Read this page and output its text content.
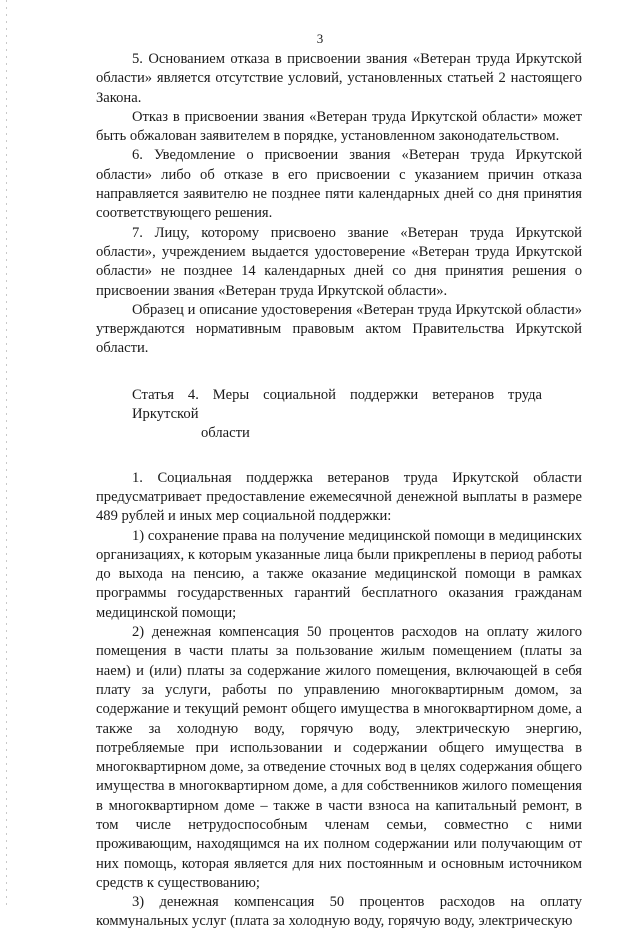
3

5. Основанием отказа в присвоении звания «Ветеран труда Иркутской области» является отсутствие условий, установленных статьей 2 настоящего Закона.

Отказ в присвоении звания «Ветеран труда Иркутской области» может быть обжалован заявителем в порядке, установленном законодательством.

6. Уведомление о присвоении звания «Ветеран труда Иркутской области» либо об отказе в его присвоении с указанием причин отказа направляется заявителю не позднее пяти календарных дней со дня принятия соответствующего решения.

7. Лицу, которому присвоено звание «Ветеран труда Иркутской области», учреждением выдается удостоверение «Ветеран труда Иркутской области» не позднее 14 календарных дней со дня принятия решения о присвоении звания «Ветеран труда Иркутской области».

Образец и описание удостоверения «Ветеран труда Иркутской области» утверждаются нормативным правовым актом Правительства Иркутской области.

Статья 4. Меры социальной поддержки ветеранов труда Иркутской
области

1. Социальная поддержка ветеранов труда Иркутской области предусматривает предоставление ежемесячной денежной выплаты в размере 489 рублей и иных мер социальной поддержки:

1) сохранение права на получение медицинской помощи в медицинских организациях, к которым указанные лица были прикреплены в период работы до выхода на пенсию, а также оказание медицинской помощи в рамках программы государственных гарантий бесплатного оказания гражданам медицинской помощи;

2) денежная компенсация 50 процентов расходов на оплату жилого помещения в части платы за пользование жилым помещением (платы за наем) и (или) платы за содержание жилого помещения, включающей в себя плату за услуги, работы по управлению многоквартирным домом, за содержание и текущий ремонт общего имущества в многоквартирном доме, а также за холодную воду, горячую воду, электрическую энергию, потребляемые при использовании и содержании общего имущества в многоквартирном доме, за отведение сточных вод в целях содержания общего имущества в многоквартирном доме, а для собственников жилого помещения в многоквартирном доме – также в части взноса на капитальный ремонт, в том числе нетрудоспособным членам семьи, совместно с ними проживающим, находящимся на их полном содержании или получающим от них помощь, которая является для них постоянным и основным источником средств к существованию;

3) денежная компенсация 50 процентов расходов на оплату коммунальных услуг (плата за холодную воду, горячую воду, электрическую
